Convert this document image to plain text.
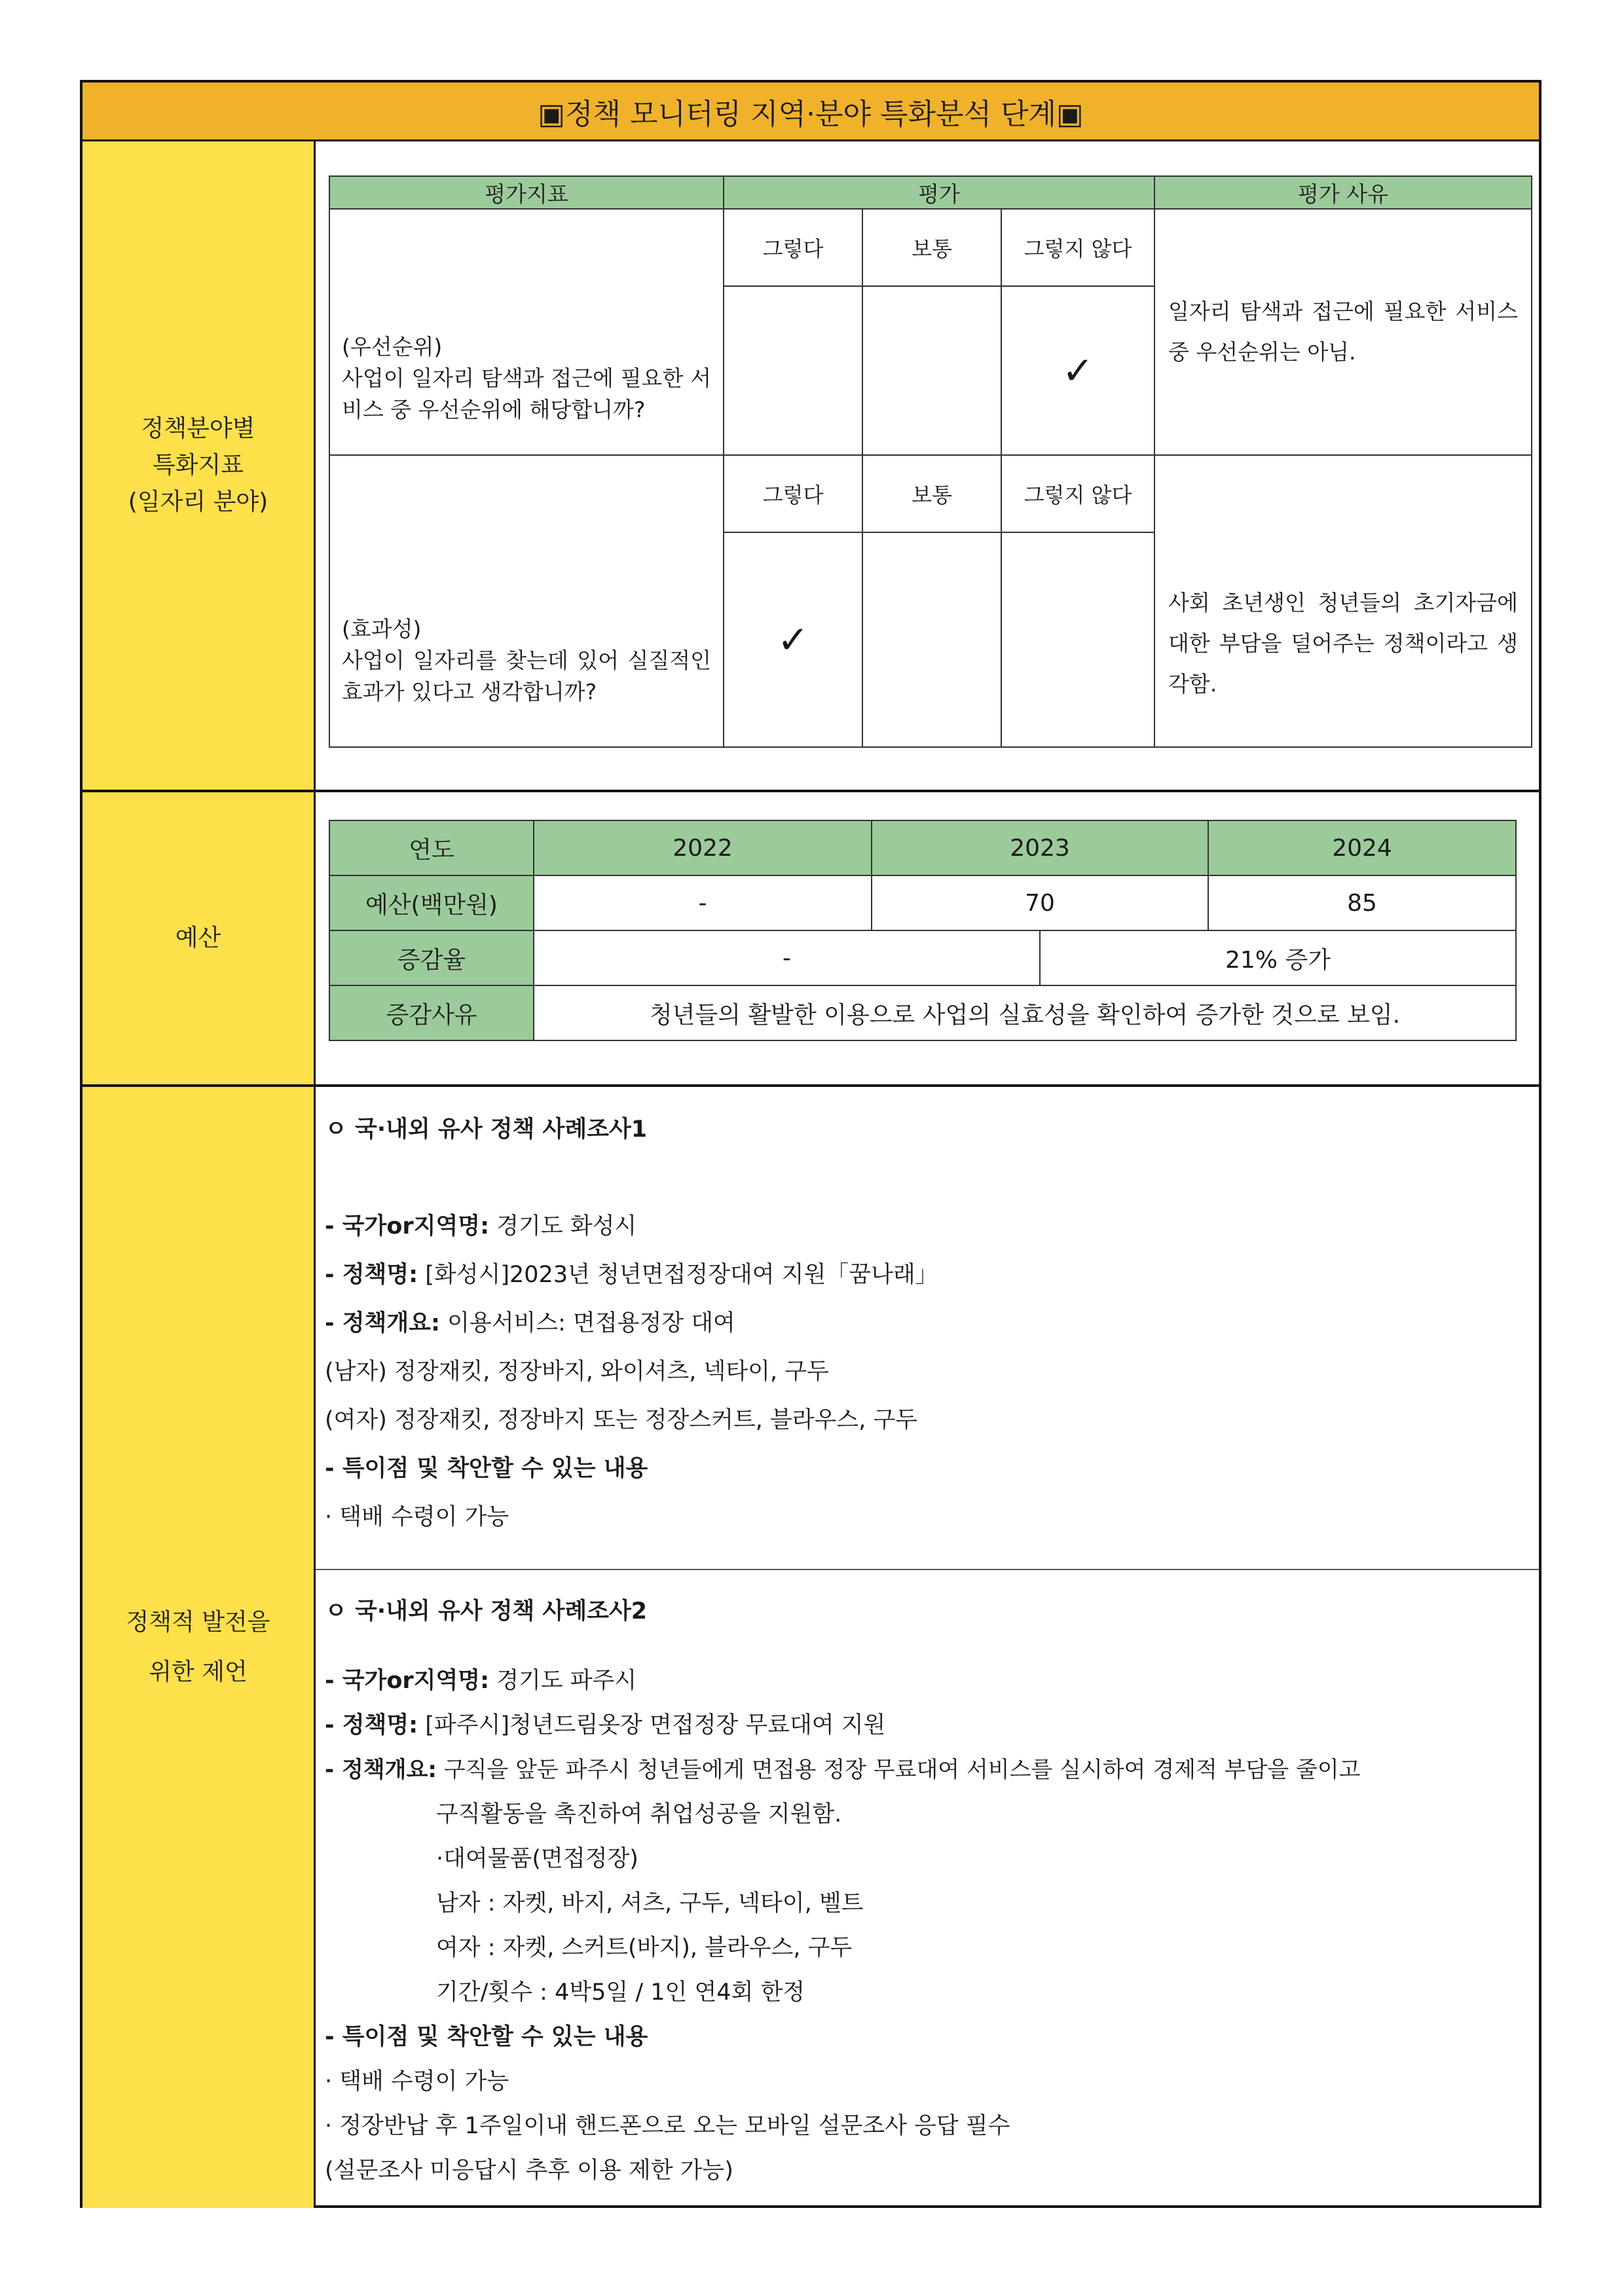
▣정책 모니터링 지역·분야 특화분석 단계▣
정책분야별
특화지표
(일자리 분야)
예산
정책적 발전을
위한 제언
평가지표	평가			평가 사유

(우선순위)
사업이 일자리 탐색과 접근에 필요한 서비스 중 우선순위에 해당합니까?	그렇다	보통	그렇지 않다	일자리 탐색과 접근에 필요한 서비스 중 우선순위는 아님.
			✓	

(효과성)
사업이 일자리를 찾는데 있어 실질적인 효과가 있다고 생각합니까?	그렇다	보통	그렇지 않다	사회 초년생인 청년들의 초기자금에 대한 부담을 덜어주는 정책이라고 생각함.
	✓			
연도	2022	2023		2024
예산(백만원)	-	70		85
증감율	-		21% 증가	
증감사유	청년들의 활발한 이용으로 사업의 실효성을 확인하여 증가한 것으로 보임.			
ㅇ 국·내외 유사 정책 사례조사1
- 국가or지역명: 경기도 화성시
- 정책명: [화성시]2023년 청년면접정장대여 지원「꿈나래」
- 정책개요: 이용서비스: 면접용정장 대여
(남자) 정장재킷, 정장바지, 와이셔츠, 넥타이, 구두
(여자) 정장재킷, 정장바지 또는 정장스커트, 블라우스, 구두
- 특이점 및 착안할 수 있는 내용
· 택배 수령이 가능
ㅇ 국·내외 유사 정책 사례조사2
- 국가or지역명: 경기도 파주시
- 정책명: [파주시]청년드림옷장 면접정장 무료대여 지원
- 정책개요: 구직을 앞둔 파주시 청년들에게 면접용 정장 무료대여 서비스를 실시하여 경제적 부담을 줄이고
구직활동을 촉진하여 취업성공을 지원함.
·대여물품(면접정장)
남자 : 자켓, 바지, 셔츠, 구두, 넥타이, 벨트
여자 : 자켓, 스커트(바지), 블라우스, 구두
기간/횟수 : 4박5일 / 1인 연4회 한정
- 특이점 및 착안할 수 있는 내용
· 택배 수령이 가능
· 정장반납 후 1주일이내 핸드폰으로 오는 모바일 설문조사 응답 필수
(설문조사 미응답시 추후 이용 제한 가능)
